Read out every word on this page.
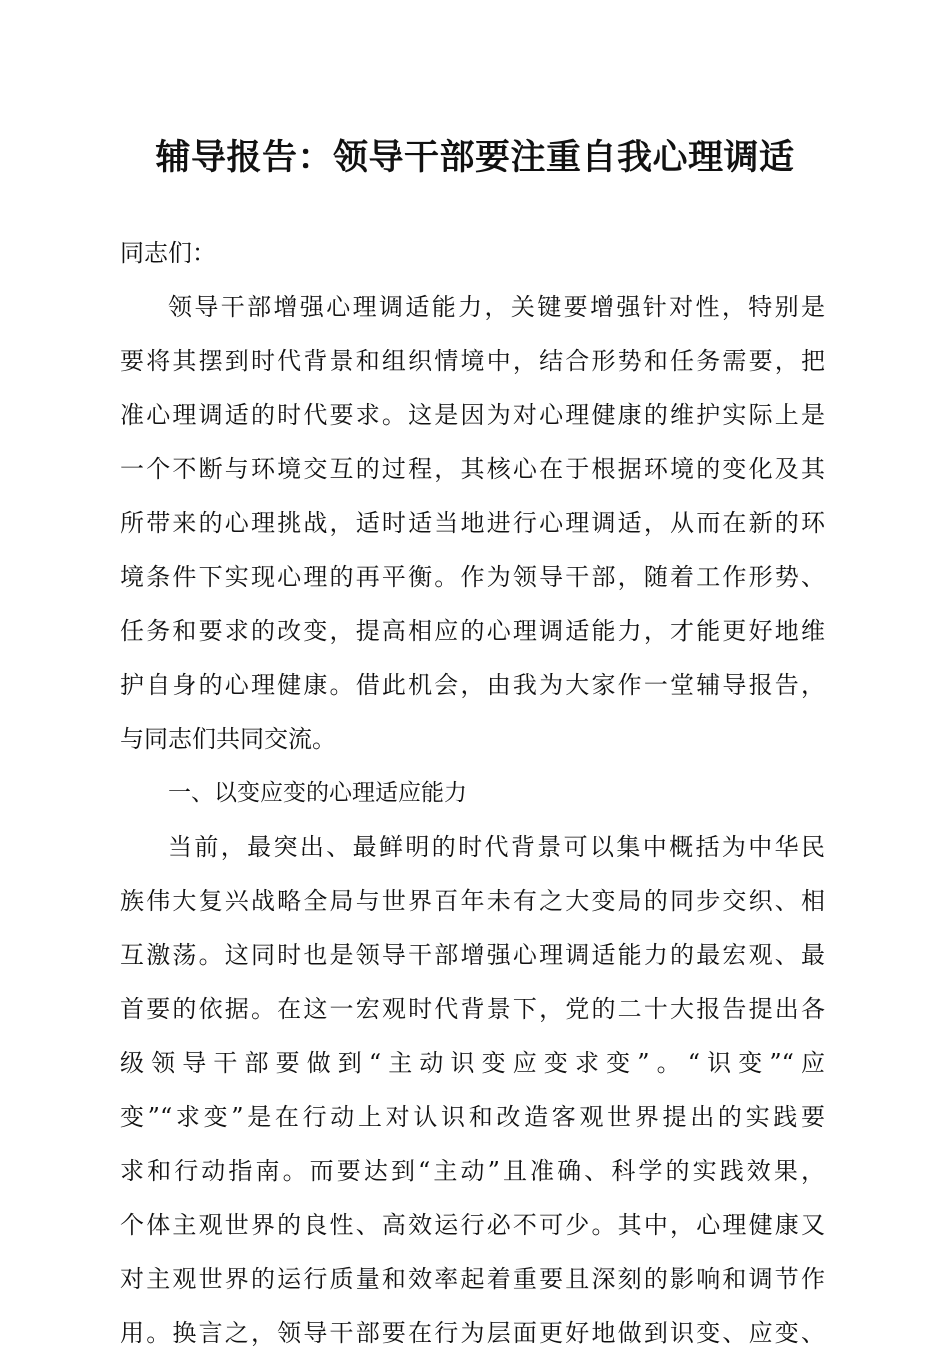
辅导报告：领导干部要注重自我心理调适
同志们：
领导干部增强心理调适能力，关键要增强针对性，特别是
要将其摆到时代背景和组织情境中，结合形势和任务需要，把
准心理调适的时代要求。这是因为对心理健康的维护实际上是
一个不断与环境交互的过程，其核心在于根据环境的变化及其
所带来的心理挑战，适时适当地进行心理调适，从而在新的环
境条件下实现心理的再平衡。作为领导干部，随着工作形势、
任务和要求的改变，提高相应的心理调适能力，才能更好地维
护自身的心理健康。借此机会，由我为大家作一堂辅导报告，
与同志们共同交流。
一、以变应变的心理适应能力
当前，最突出、最鲜明的时代背景可以集中概括为中华民
族伟大复兴战略全局与世界百年未有之大变局的同步交织、相
互激荡。这同时也是领导干部增强心理调适能力的最宏观、最
首要的依据。在这一宏观时代背景下，党的二十大报告提出各
级领导干部要做到“主动识变应变求变”。“识变”“应
变”“求变”是在行动上对认识和改造客观世界提出的实践要
求和行动指南。而要达到“主动”且准确、科学的实践效果，
个体主观世界的良性、高效运行必不可少。其中，心理健康又
对主观世界的运行质量和效率起着重要且深刻的影响和调节作
用。换言之，领导干部要在行为层面更好地做到识变、应变、
